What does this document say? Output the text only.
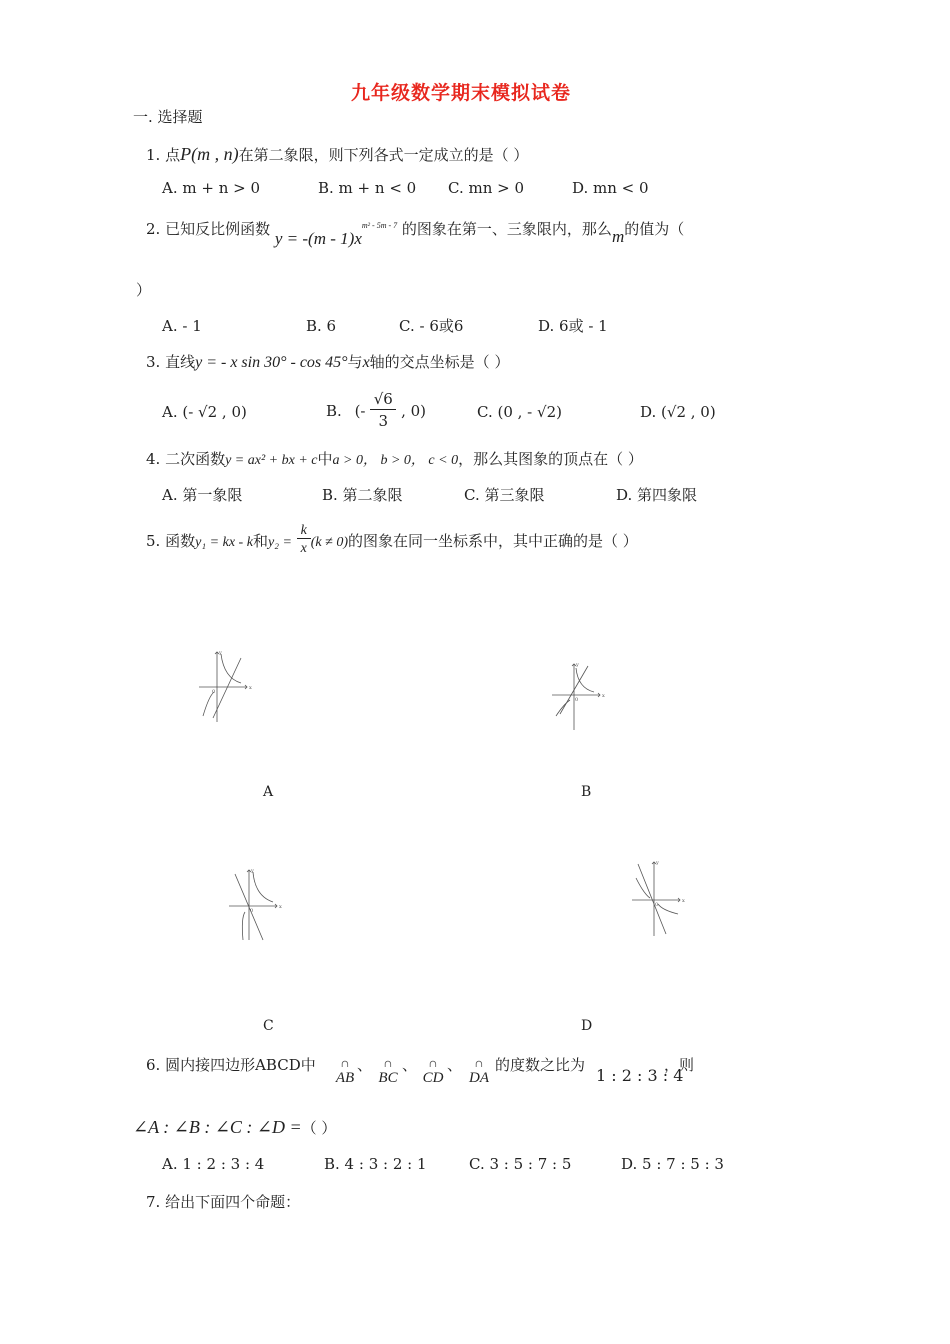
九年级数学期末模拟试卷
一. 选择题
1. 点P(m , n)在第二象限，则下列各式一定成立的是（ ）
A. m + n > 0	B. m + n < 0 C. mn > 0	D. mn < 0
2. 已知反比例函数 $y = -(m - 1)x^{m^2 - 5m - 7}$ 的图象在第一、三象限内，那么m的值为（
）
A. - 1	B. 6	C. - 6或6	D. 6或 - 1
3. 直线y = - x sin 30° - cos 45°与x轴的交点坐标是（ ）
A. (- √2 , 0)	B. (- $\frac{√6}{3}$ , 0)	C. (0 , - √2)	D. (√2 , 0)
4. 二次函数y = ax² + bx + c中a > 0， b > 0， c < 0，那么其图象的顶点在（ ）
A. 第一象限	B. 第二象限	C. 第三象限	D. 第四象限
5. 函数y₁ = kx - k和$y_2 = \frac{k}{x} (k \ne 0)$的图象在同一坐标系中，其中正确的是（ ）
x
y
0
A
x
y
0
B
x
y
0
C
x
y
0
D
6. 圆内接四边形ABCD中	∩
AB
、	∩
BC
、	∩
CD
、	∩
DA
的度数之比为
1 : 2 : 3 : 4
，则
∠A : ∠B : ∠C : ∠D =（ ）
A. 1 : 2 : 3 : 4	B. 4 : 3 : 2 : 1	C. 3 : 5 : 7 : 5	D. 5 : 7 : 5 : 3
7. 给出下面四个命题：
